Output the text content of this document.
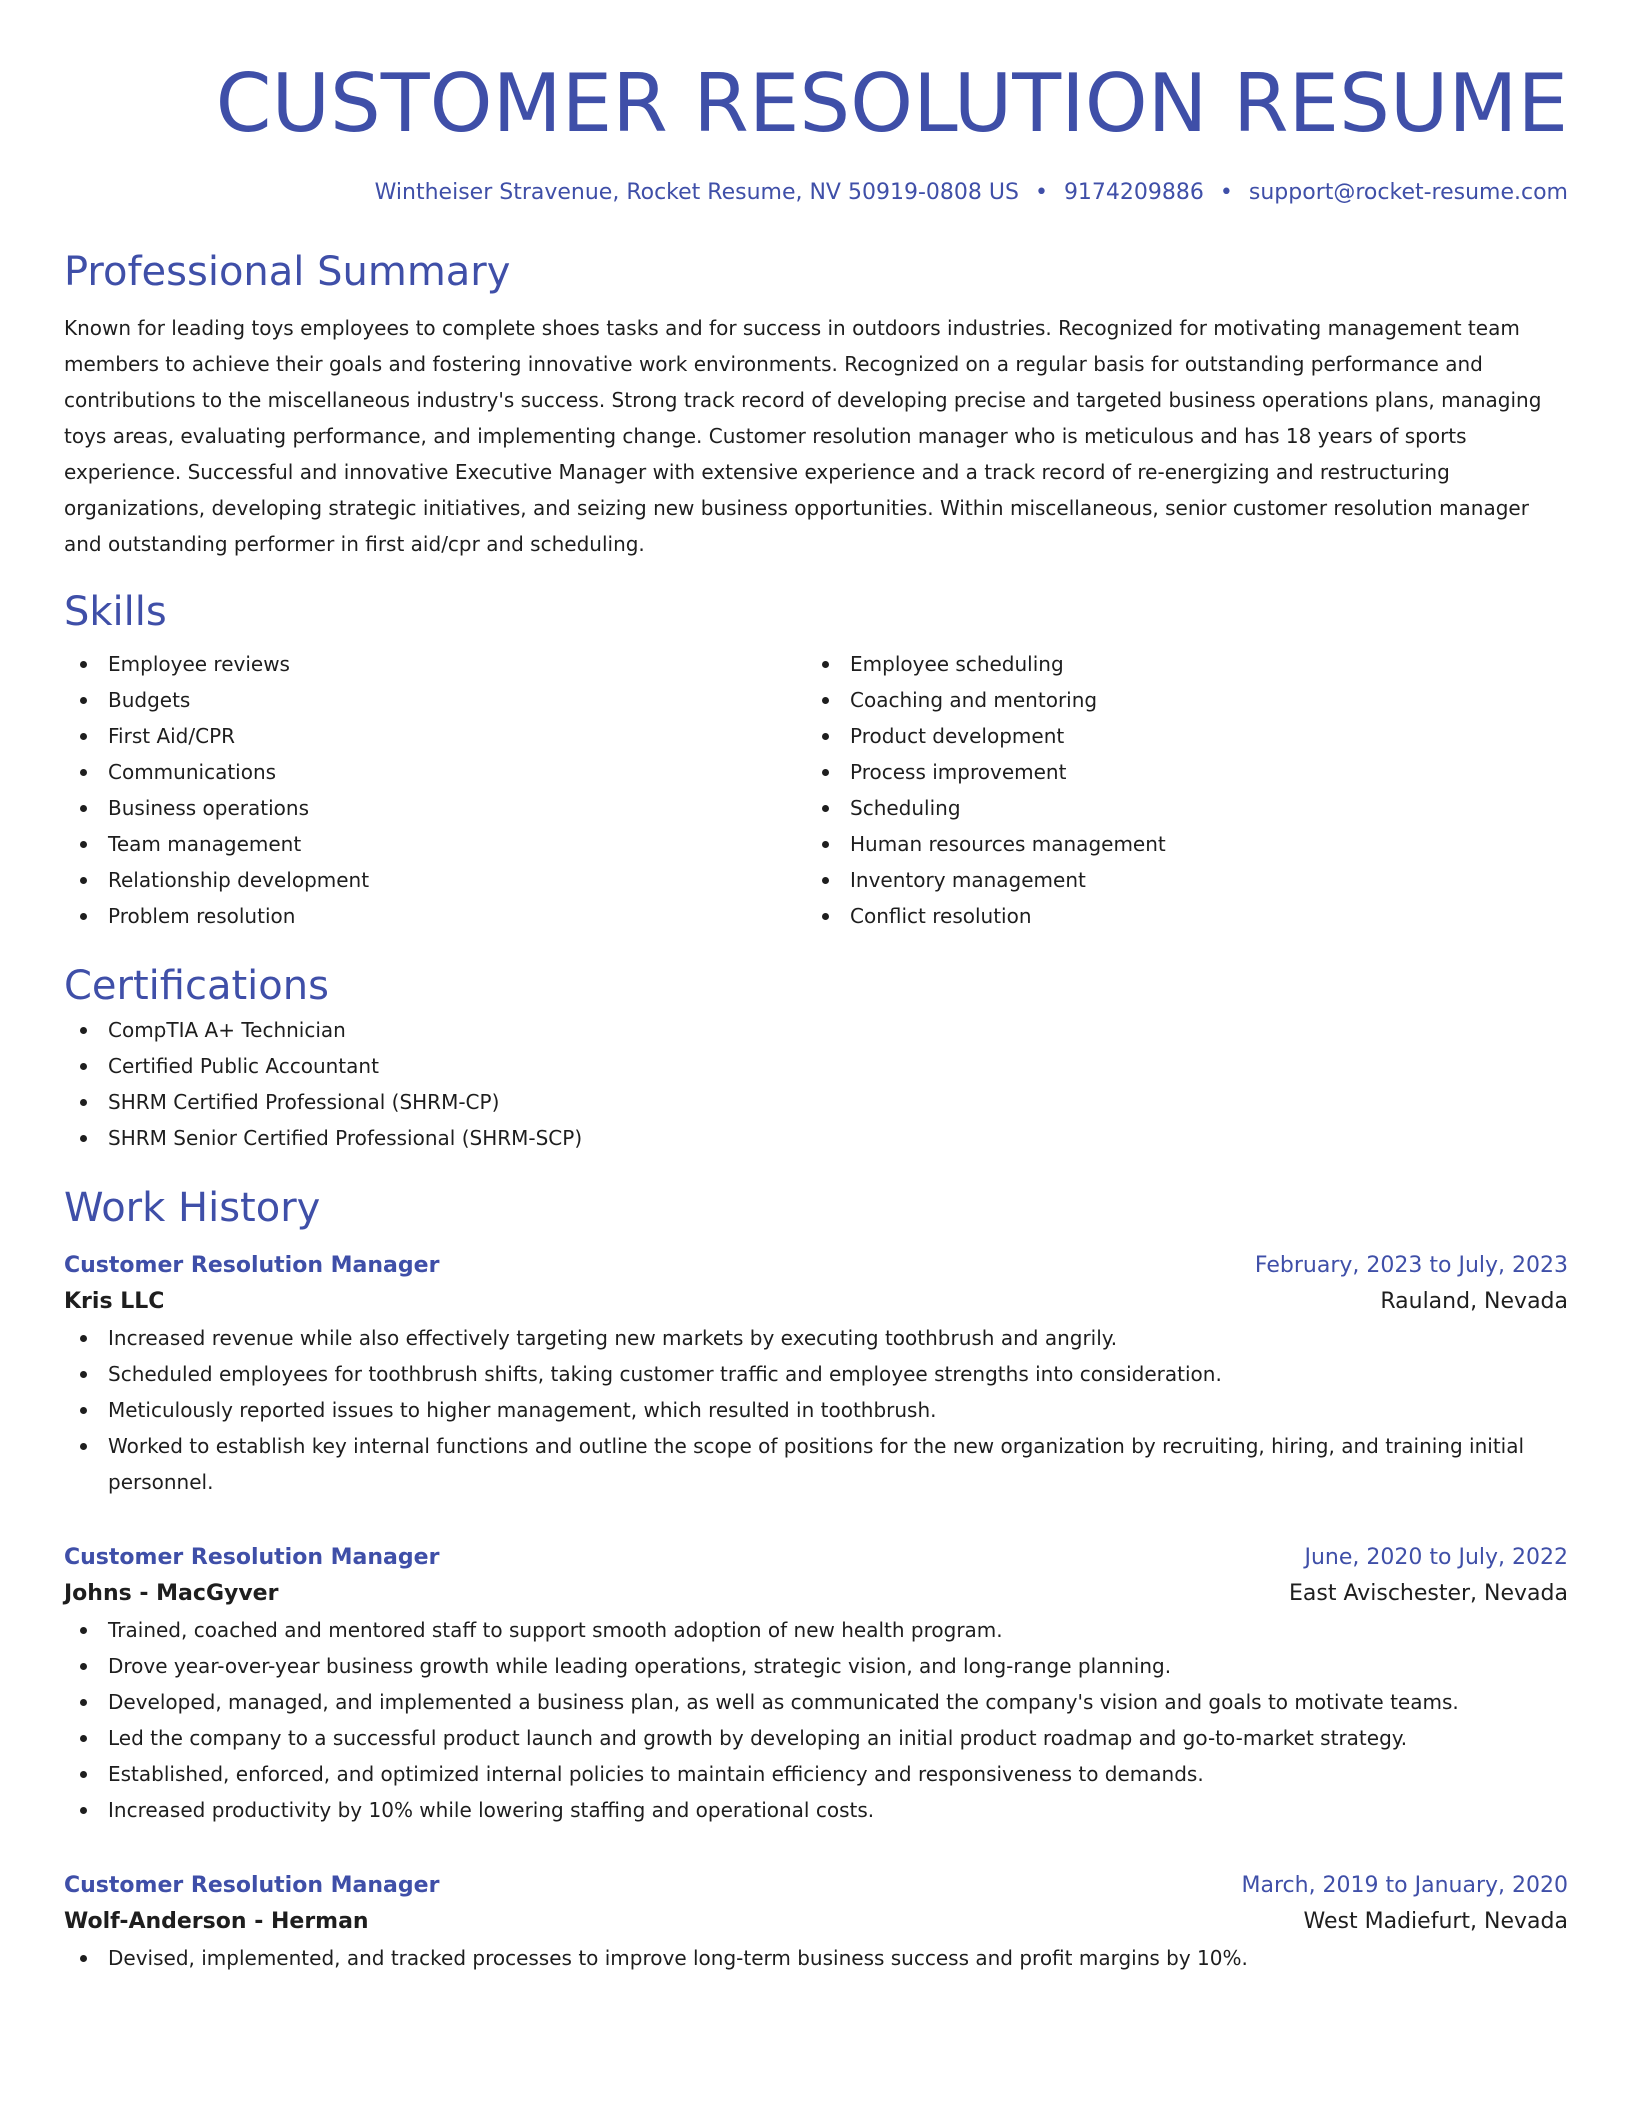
CUSTOMER RESOLUTION RESUME
Wintheiser Stravenue, Rocket Resume, NV 50919-0808 US • 9174209886 • support@rocket-resume.com
Professional Summary

Known for leading toys employees to complete shoes tasks and for success in outdoors industries. Recognized for motivating management team members to achieve their goals and fostering innovative work environments. Recognized on a regular basis for outstanding performance and contributions to the miscellaneous industry's success. Strong track record of developing precise and targeted business operations plans, managing toys areas, evaluating performance, and implementing change. Customer resolution manager who is meticulous and has 18 years of sports experience. Successful and innovative Executive Manager with extensive experience and a track record of re-energizing and restructuring organizations, developing strategic initiatives, and seizing new business opportunities. Within miscellaneous, senior customer resolution manager and outstanding performer in first aid/cpr and scheduling.

Skills
Employee reviews
Budgets
First Aid/CPR
Communications
Business operations
Team management
Relationship development
Problem resolution
Employee scheduling
Coaching and mentoring
Product development
Process improvement
Scheduling
Human resources management
Inventory management
Conflict resolution
Certifications
CompTIA A+ Technician
Certified Public Accountant
SHRM Certified Professional (SHRM-CP)
SHRM Senior Certified Professional (SHRM-SCP)
Work History
Customer Resolution Manager	February, 2023 to July, 2023
Kris LLC	Rauland, Nevada
Increased revenue while also effectively targeting new markets by executing toothbrush and angrily.
Scheduled employees for toothbrush shifts, taking customer traffic and employee strengths into consideration.
Meticulously reported issues to higher management, which resulted in toothbrush.
Worked to establish key internal functions and outline the scope of positions for the new organization by recruiting, hiring, and training initial personnel.
Customer Resolution Manager	June, 2020 to July, 2022
Johns - MacGyver	East Avischester, Nevada
Trained, coached and mentored staff to support smooth adoption of new health program.
Drove year-over-year business growth while leading operations, strategic vision, and long-range planning.
Developed, managed, and implemented a business plan, as well as communicated the company's vision and goals to motivate teams.
Led the company to a successful product launch and growth by developing an initial product roadmap and go-to-market strategy.
Established, enforced, and optimized internal policies to maintain efficiency and responsiveness to demands.
Increased productivity by 10% while lowering staffing and operational costs.
Customer Resolution Manager	March, 2019 to January, 2020
Wolf-Anderson - Herman	West Madiefurt, Nevada
Devised, implemented, and tracked processes to improve long-term business success and profit margins by 10%.
